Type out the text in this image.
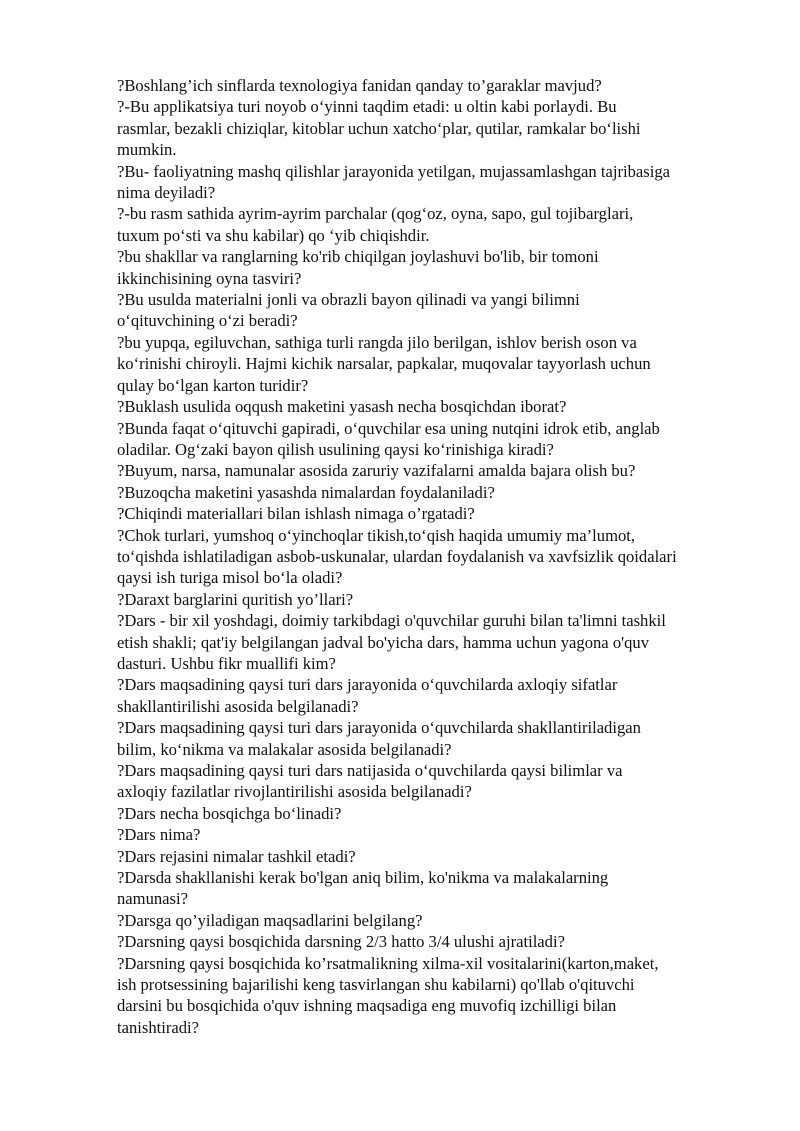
?Boshlang’ich sinflarda texnologiya fanidan qanday to’garaklar mavjud?

?-Bu applikatsiya turi noyob o‘yinni taqdim etadi: u oltin kabi porlaydi. Bu

rasmlar, bezakli chiziqlar, kitoblar uchun xatcho‘plar, qutilar, ramkalar bo‘lishi

mumkin.

?Bu- faoliyatning mashq qilishlar jarayonida yetilgan, mujassamlashgan tajribasiga

nima deyiladi?

?-bu rasm sathida ayrim-ayrim parchalar (qog‘oz, oyna, sapo, gul tojibarglari,

tuxum po‘sti va shu kabilar) qo ‘yib chiqishdir.

?bu shakllar va ranglarning ko'rib chiqilgan joylashuvi bo'lib, bir tomoni

ikkinchisining oyna tasviri?

?Bu usulda materialni jonli va obrazli bayon qilinadi va yangi bilimni

o‘qituvchining o‘zi beradi?

?bu yupqa, egiluvchan, sathiga turli rangda jilo berilgan, ishlov berish oson va

ko‘rinishi chiroyli. Hajmi kichik narsalar, papkalar, muqovalar tayyorlash uchun

qulay bo‘lgan karton turidir?

?Buklash usulida oqqush maketini yasash necha bosqichdan iborat?

?Bunda faqat o‘qituvchi gapiradi, o‘quvchilar esa uning nutqini idrok etib, anglab

oladilar. Og‘zaki bayon qilish usulining qaysi ko‘rinishiga kiradi?

?Buyum, narsa, namunalar asosida zaruriy vazifalarni amalda bajara olish bu?

?Buzoqcha maketini yasashda nimalardan foydalaniladi?

?Chiqindi materiallari bilan ishlash nimaga o’rgatadi?

?Chok turlari, yumshoq o‘yinchoqlar tikish,to‘qish haqida umumiy ma’lumot,

to‘qishda ishlatiladigan asbob-uskunalar, ulardan foydalanish va xavfsizlik qoidalari

qaysi ish turiga misol bo‘la oladi?

?Daraxt barglarini quritish yo’llari?

?Dars - bir xil yoshdagi, doimiy tarkibdagi o'quvchilar guruhi bilan ta'limni tashkil

etish shakli; qat'iy belgilangan jadval bo'yicha dars, hamma uchun yagona o'quv

dasturi. Ushbu fikr muallifi kim?

?Dars maqsadining qaysi turi dars jarayonida o‘quvchilarda axloqiy sifatlar

shakllantirilishi asosida belgilanadi?

?Dars maqsadining qaysi turi dars jarayonida o‘quvchilarda shakllantiriladigan

bilim, ko‘nikma va malakalar asosida belgilanadi?

?Dars maqsadining qaysi turi dars natijasida o‘quvchilarda qaysi bilimlar va

axloqiy fazilatlar rivojlantirilishi asosida belgilanadi?

?Dars necha bosqichga bo‘linadi?

?Dars nima?

?Dars rejasini nimalar tashkil etadi?

?Darsda shakllanishi kerak bo'lgan aniq bilim, ko'nikma va malakalarning

namunasi?

?Darsga qo’yiladigan maqsadlarini belgilang?

?Darsning qaysi bosqichida darsning 2/3 hatto 3/4 ulushi ajratiladi?

?Darsning qaysi bosqichida ko’rsatmalikning xilma-xil vositalarini(karton,maket,

ish protsessining bajarilishi keng tasvirlangan shu kabilarni) qo'llab o'qituvchi

darsini bu bosqichida o'quv ishning maqsadiga eng muvofiq izchilligi bilan

tanishtiradi?
